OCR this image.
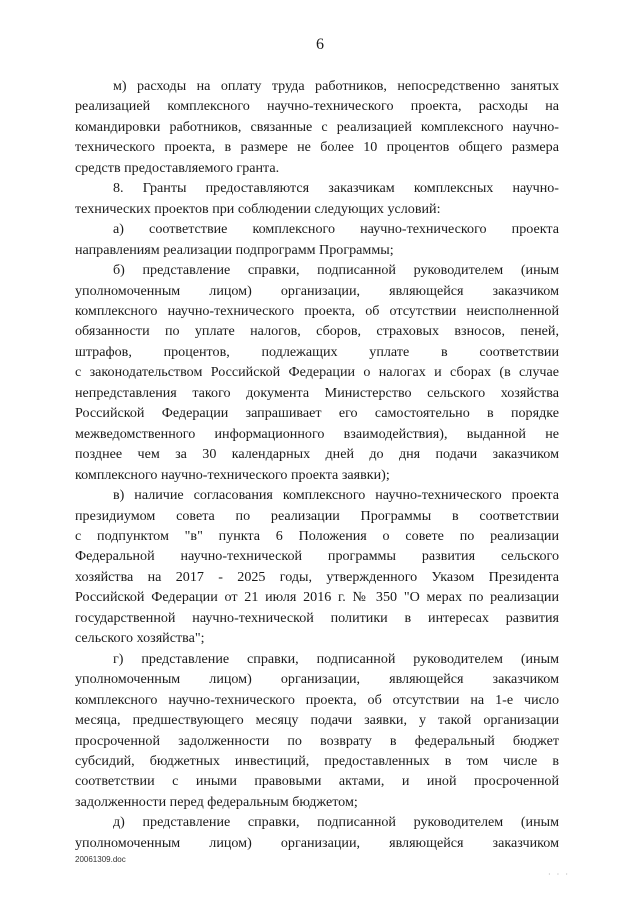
6
м) расходы на оплату труда работников, непосредственно занятых
реализацией комплексного научно-технического проекта, расходы на
командировки работников, связанные с реализацией комплексного научно-
технического проекта, в размере не более 10 процентов общего размера
средств предоставляемого гранта.
8. Гранты предоставляются заказчикам комплексных научно-
технических проектов при соблюдении следующих условий:
а) соответствие комплексного научно-технического проекта
направлениям реализации подпрограмм Программы;
б) представление справки, подписанной руководителем (иным
уполномоченным лицом) организации, являющейся заказчиком
комплексного научно-технического проекта, об отсутствии неисполненной
обязанности по уплате налогов, сборов, страховых взносов, пеней,
штрафов, процентов, подлежащих уплате в соответствии
с законодательством Российской Федерации о налогах и сборах (в случае
непредставления такого документа Министерство сельского хозяйства
Российской Федерации запрашивает его самостоятельно в порядке
межведомственного информационного взаимодействия), выданной не
позднее чем за 30 календарных дней до дня подачи заказчиком
комплексного научно-технического проекта заявки);
в) наличие согласования комплексного научно-технического проекта
президиумом совета по реализации Программы в соответствии
с подпунктом "в" пункта 6 Положения о совете по реализации
Федеральной научно-технической программы развития сельского
хозяйства на 2017 - 2025 годы, утвержденного Указом Президента
Российской Федерации от 21 июля 2016 г. № 350 "О мерах по реализации
государственной научно-технической политики в интересах развития
сельского хозяйства";
г) представление справки, подписанной руководителем (иным
уполномоченным лицом) организации, являющейся заказчиком
комплексного научно-технического проекта, об отсутствии на 1-е число
месяца, предшествующего месяцу подачи заявки, у такой организации
просроченной задолженности по возврату в федеральный бюджет
субсидий, бюджетных инвестиций, предоставленных в том числе в
соответствии с иными правовыми актами, и иной просроченной
задолженности перед федеральным бюджетом;
д) представление справки, подписанной руководителем (иным
уполномоченным лицом) организации, являющейся заказчиком
20061309.doc
· · ·
